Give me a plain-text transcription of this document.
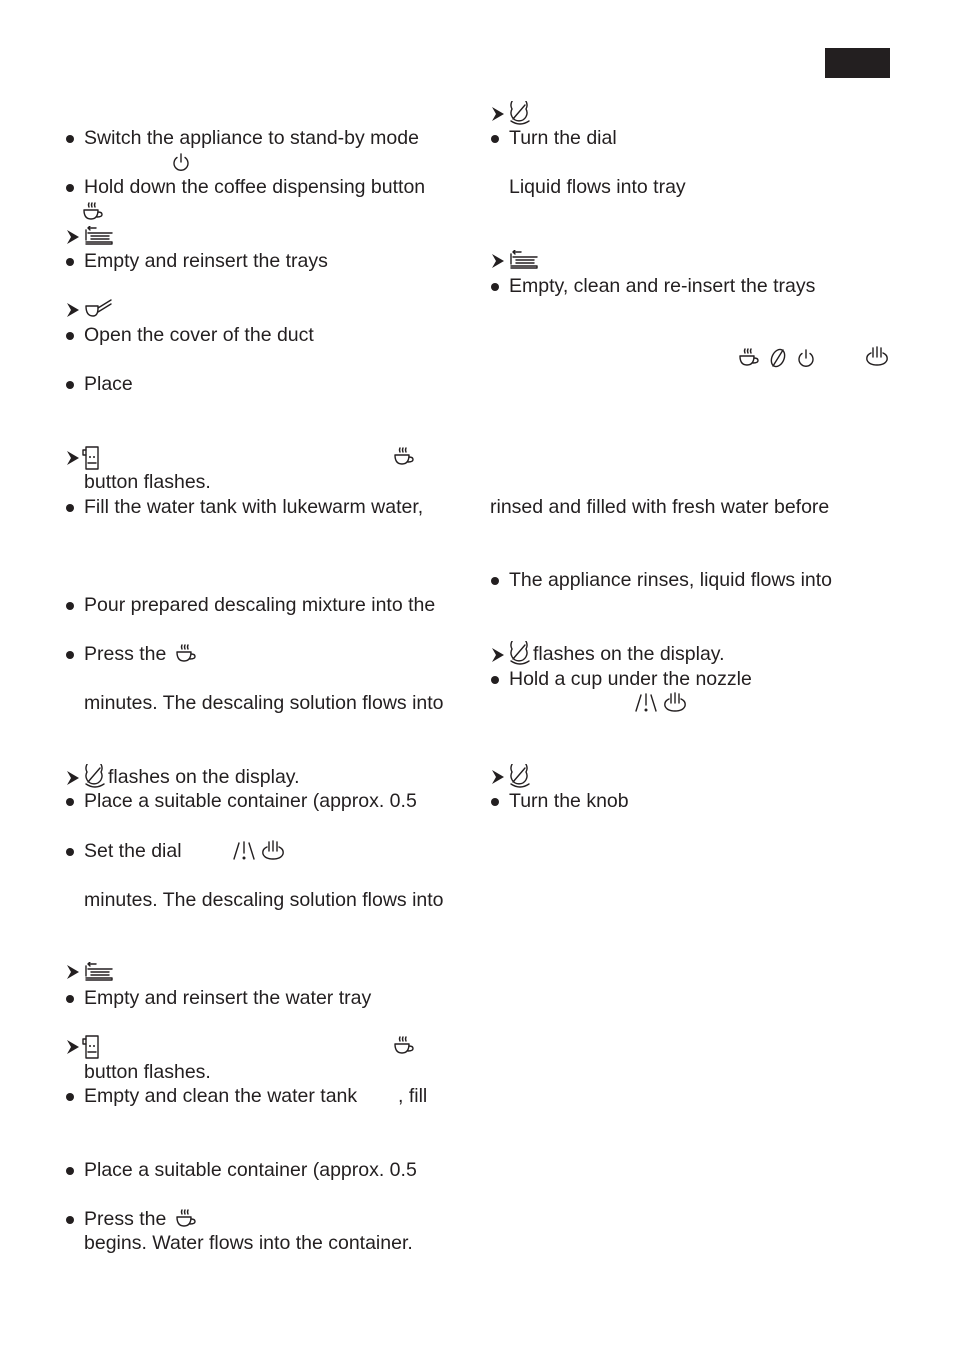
Switch the appliance to stand-by mode
Hold down the coffee dispensing button
Empty and reinsert the trays
Open the cover of the duct
Place
button flashes.
Fill the water tank with lukewarm water,
Pour prepared descaling mixture into the
Press the
minutes. The descaling solution flows into
flashes on the display.
Place a suitable container (approx. 0.5
Set the dial
minutes. The descaling solution flows into
Empty and reinsert the water tray
button flashes.
Empty and clean the water tank , fill
Place a suitable container (approx. 0.5
Press the
begins. Water flows into the container.
Turn the dial
Liquid flows into tray
Empty, clean and re-insert the trays
rinsed and filled with fresh water before
The appliance rinses, liquid flows into
flashes on the display.
Hold a cup under the nozzle
Turn the knob
